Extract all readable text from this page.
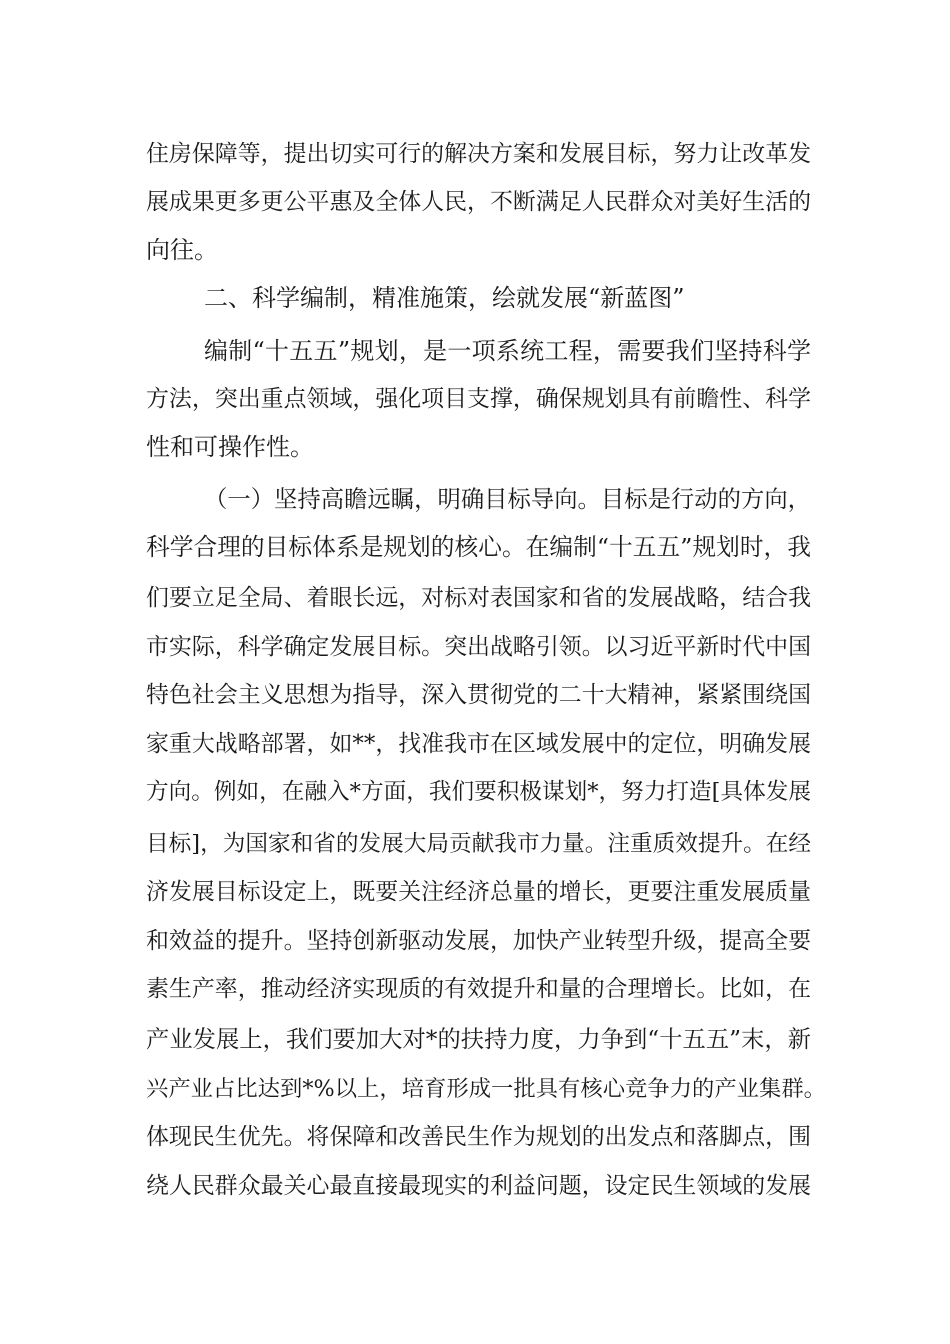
住房保障等，提出切实可行的解决方案和发展目标，努力让改革发
展成果更多更公平惠及全体人民，不断满足人民群众对美好生活的
向往。
二、科学编制，精准施策，绘就发展“新蓝图”
编制“十五五”规划，是一项系统工程，需要我们坚持科学
方法，突出重点领域，强化项目支撑，确保规划具有前瞻性、科学
性和可操作性。
（一）坚持高瞻远瞩，明确目标导向。目标是行动的方向，
科学合理的目标体系是规划的核心。在编制“十五五”规划时，我
们要立足全局、着眼长远，对标对表国家和省的发展战略，结合我
市实际，科学确定发展目标。突出战略引领。以习近平新时代中国
特色社会主义思想为指导，深入贯彻党的二十大精神，紧紧围绕国
家重大战略部署，如**，找准我市在区域发展中的定位，明确发展
方向。例如，在融入*方面，我们要积极谋划*，努力打造[具体发展
目标]，为国家和省的发展大局贡献我市力量。注重质效提升。在经
济发展目标设定上，既要关注经济总量的增长，更要注重发展质量
和效益的提升。坚持创新驱动发展，加快产业转型升级，提高全要
素生产率，推动经济实现质的有效提升和量的合理增长。比如，在
产业发展上，我们要加大对*的扶持力度，力争到“十五五”末，新
兴产业占比达到*%以上，培育形成一批具有核心竞争力的产业集群。
体现民生优先。将保障和改善民生作为规划的出发点和落脚点，围
绕人民群众最关心最直接最现实的利益问题，设定民生领域的发展
